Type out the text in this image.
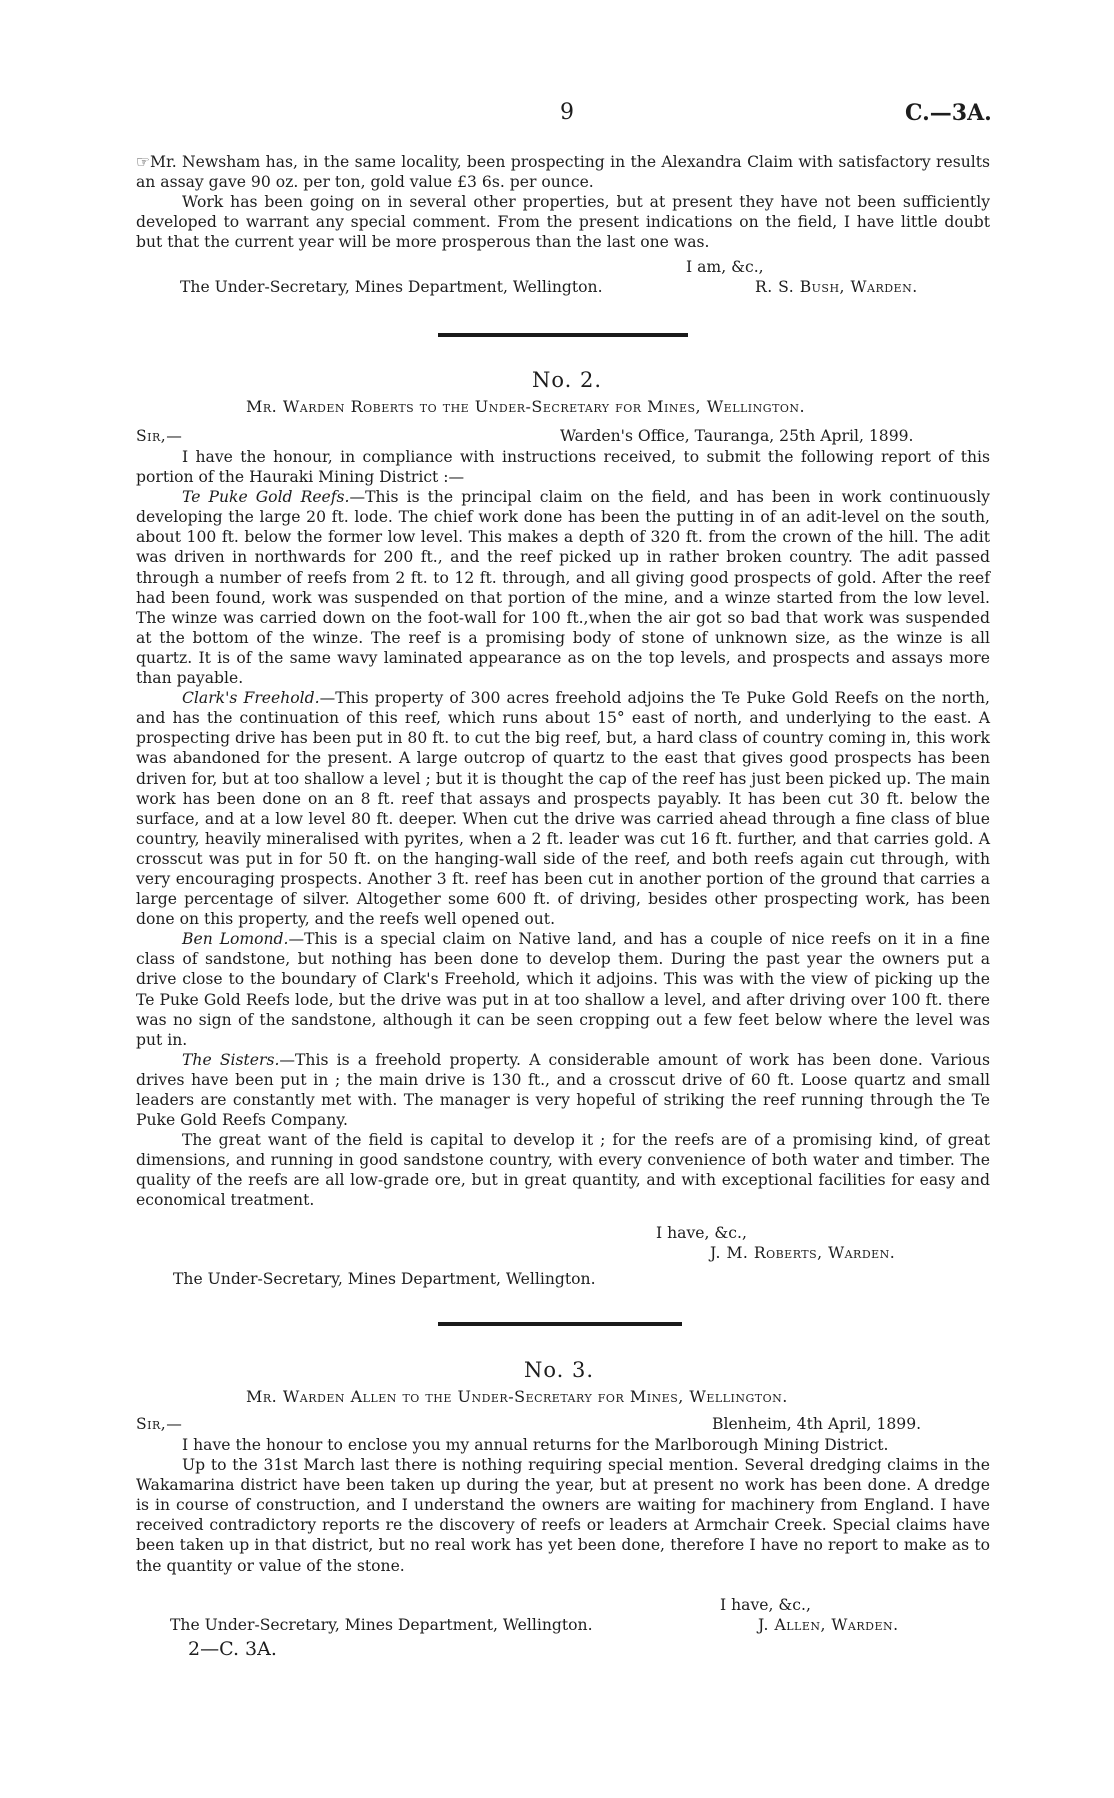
9	C.—3A.

☞Mr. Newsham has, in the same locality, been prospecting in the Alexandra Claim with satisfactory results an assay gave 90 oz. per ton, gold value £3 6s. per ounce.

Work has been going on in several other properties, but at present they have not been sufficiently developed to warrant any special comment. From the present indications on the field, I have little doubt but that the current year will be more prosperous than the last one was.

I am, &c.,
The Under-Secretary, Mines Department, Wellington.	R. S. Bush, Warden.
No. 2.
Mr. Warden Roberts to the Under-Secretary for Mines, Wellington.
Sir,—	Warden's Office, Tauranga, 25th April, 1899.

I have the honour, in compliance with instructions received, to submit the following report of this portion of the Hauraki Mining District :—

Te Puke Gold Reefs.—This is the principal claim on the field, and has been in work continuously developing the large 20 ft. lode. The chief work done has been the putting in of an adit-level on the south, about 100 ft. below the former low level. This makes a depth of 320 ft. from the crown of the hill. The adit was driven in northwards for 200 ft., and the reef picked up in rather broken country. The adit passed through a number of reefs from 2 ft. to 12 ft. through, and all giving good prospects of gold. After the reef had been found, work was suspended on that portion of the mine, and a winze started from the low level. The winze was carried down on the foot-wall for 100 ft.,when the air got so bad that work was suspended at the bottom of the winze. The reef is a promising body of stone of unknown size, as the winze is all quartz. It is of the same wavy laminated appearance as on the top levels, and prospects and assays more than payable.

Clark's Freehold.—This property of 300 acres freehold adjoins the Te Puke Gold Reefs on the north, and has the continuation of this reef, which runs about 15° east of north, and underlying to the east. A prospecting drive has been put in 80 ft. to cut the big reef, but, a hard class of country coming in, this work was abandoned for the present. A large outcrop of quartz to the east that gives good prospects has been driven for, but at too shallow a level ; but it is thought the cap of the reef has just been picked up. The main work has been done on an 8 ft. reef that assays and prospects payably. It has been cut 30 ft. below the surface, and at a low level 80 ft. deeper. When cut the drive was carried ahead through a fine class of blue country, heavily mineralised with pyrites, when a 2 ft. leader was cut 16 ft. further, and that carries gold. A crosscut was put in for 50 ft. on the hanging-wall side of the reef, and both reefs again cut through, with very encouraging prospects. Another 3 ft. reef has been cut in another portion of the ground that carries a large percentage of silver. Altogether some 600 ft. of driving, besides other prospecting work, has been done on this property, and the reefs well opened out.

Ben Lomond.—This is a special claim on Native land, and has a couple of nice reefs on it in a fine class of sandstone, but nothing has been done to develop them. During the past year the owners put a drive close to the boundary of Clark's Freehold, which it adjoins. This was with the view of picking up the Te Puke Gold Reefs lode, but the drive was put in at too shallow a level, and after driving over 100 ft. there was no sign of the sandstone, although it can be seen cropping out a few feet below where the level was put in.

The Sisters.—This is a freehold property. A considerable amount of work has been done. Various drives have been put in ; the main drive is 130 ft., and a crosscut drive of 60 ft. Loose quartz and small leaders are constantly met with. The manager is very hopeful of striking the reef running through the Te Puke Gold Reefs Company.

The great want of the field is capital to develop it ; for the reefs are of a promising kind, of great dimensions, and running in good sandstone country, with every convenience of both water and timber. The quality of the reefs are all low-grade ore, but in great quantity, and with exceptional facilities for easy and economical treatment.

I have, &c.,
J. M. Roberts, Warden.
The Under-Secretary, Mines Department, Wellington.
No. 3.
Mr. Warden Allen to the Under-Secretary for Mines, Wellington.
Sir,—	Blenheim, 4th April, 1899.

I have the honour to enclose you my annual returns for the Marlborough Mining District.

Up to the 31st March last there is nothing requiring special mention. Several dredging claims in the Wakamarina district have been taken up during the year, but at present no work has been done. A dredge is in course of construction, and I understand the owners are waiting for machinery from England. I have received contradictory reports re the discovery of reefs or leaders at Armchair Creek. Special claims have been taken up in that district, but no real work has yet been done, therefore I have no report to make as to the quantity or value of the stone.

I have, &c.,
The Under-Secretary, Mines Department, Wellington.	J. Allen, Warden.
2—C. 3A.
